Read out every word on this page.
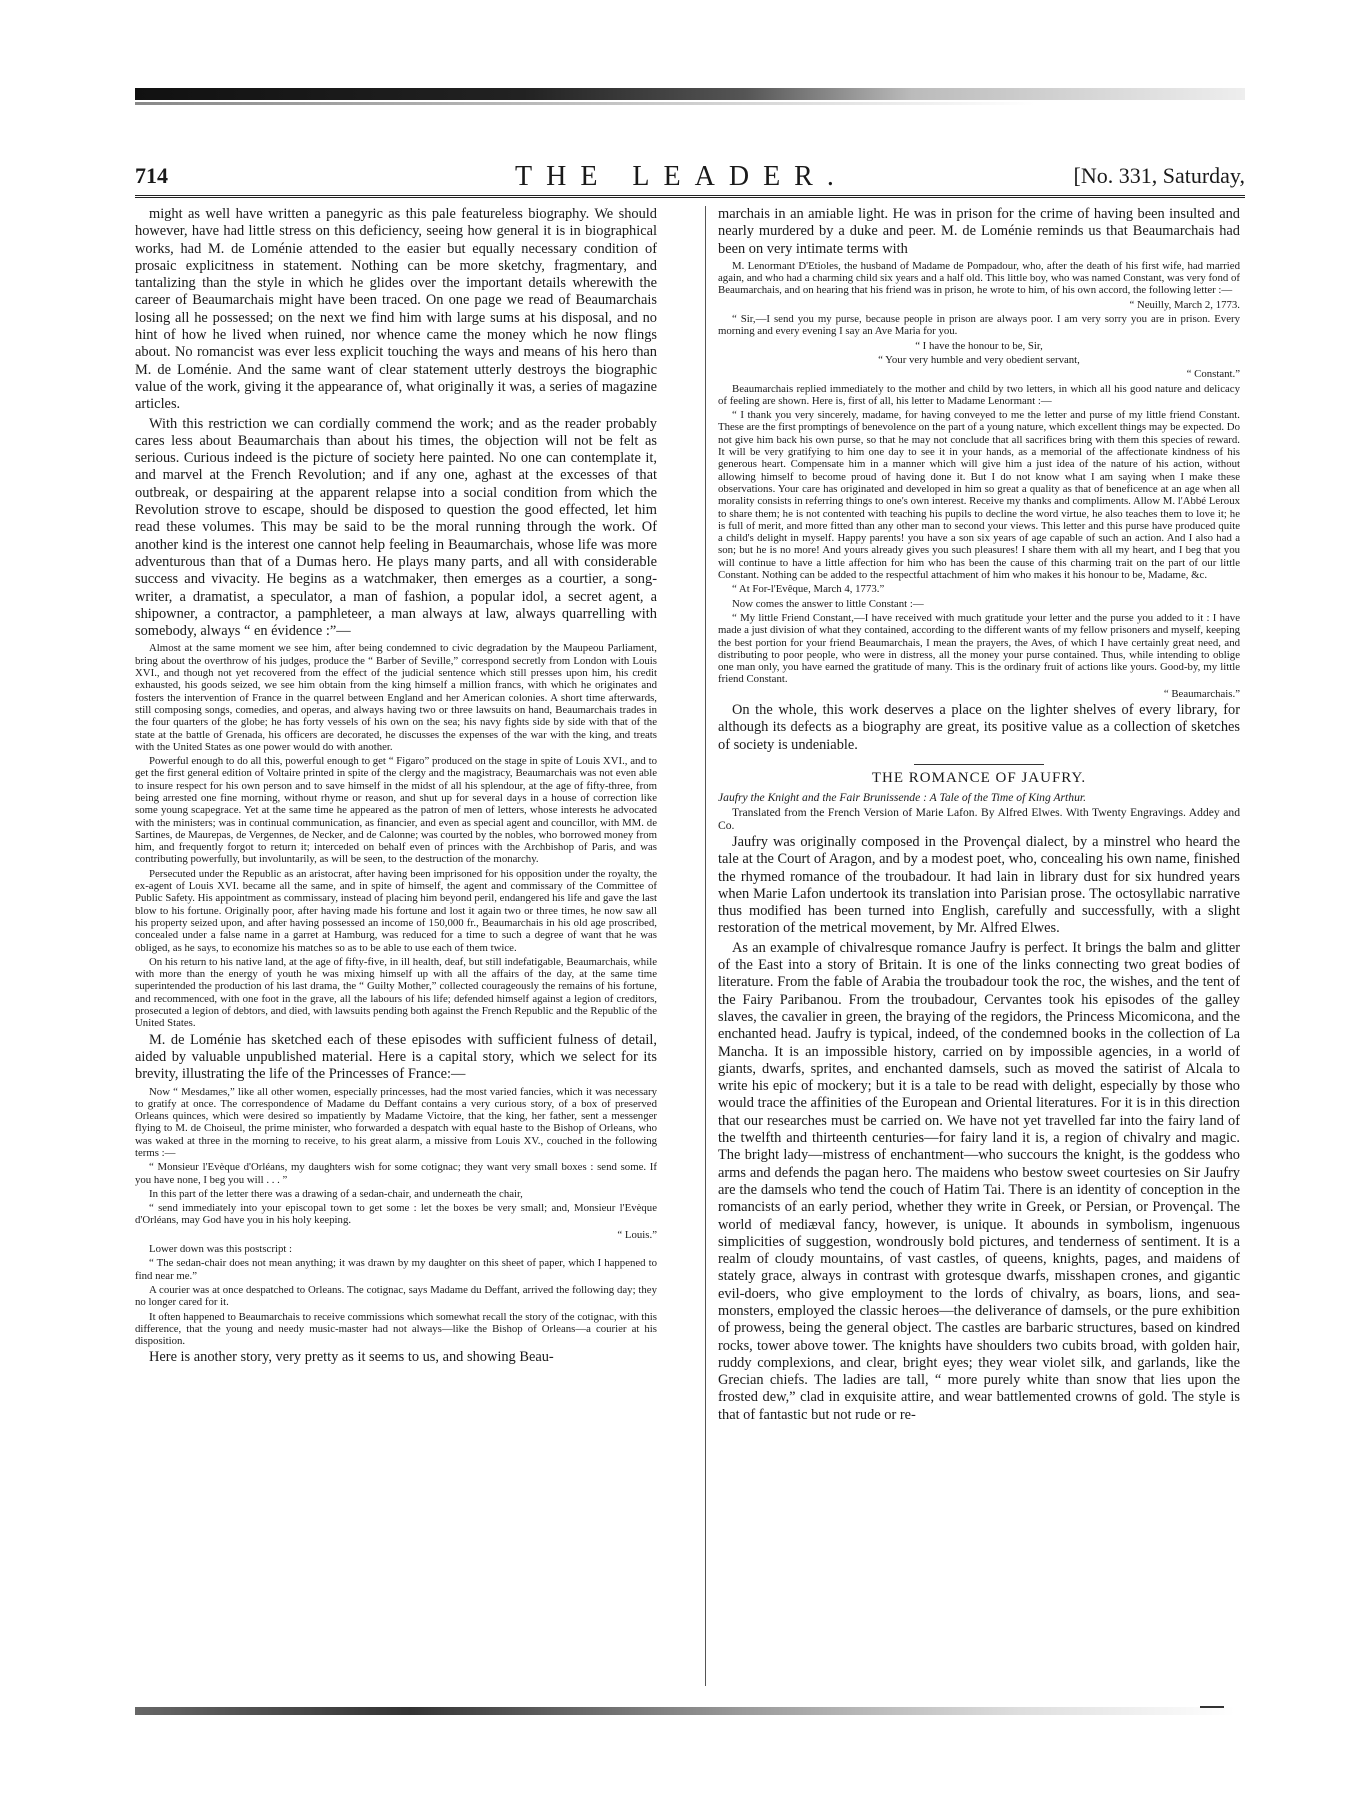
714	THE LEADER.	[No. 331, Saturday,

might as well have written a panegyric as this pale featureless biography. We should however, have had little stress on this deficiency, seeing how general it is in biographical works, had M. de Loménie attended to the easier but equally necessary condition of prosaic explicitness in statement. Nothing can be more sketchy, fragmentary, and tantalizing than the style in which he glides over the important details wherewith the career of Beaumarchais might have been traced. On one page we read of Beaumarchais losing all he possessed; on the next we find him with large sums at his disposal, and no hint of how he lived when ruined, nor whence came the money which he now flings about. No romancist was ever less explicit touching the ways and means of his hero than M. de Loménie. And the same want of clear statement utterly destroys the biographic value of the work, giving it the appearance of, what originally it was, a series of magazine articles.

With this restriction we can cordially commend the work; and as the reader probably cares less about Beaumarchais than about his times, the objection will not be felt as serious. Curious indeed is the picture of society here painted. No one can contemplate it, and marvel at the French Revolution; and if any one, aghast at the excesses of that outbreak, or despairing at the apparent relapse into a social condition from which the Revolution strove to escape, should be disposed to question the good effected, let him read these volumes. This may be said to be the moral running through the work. Of another kind is the interest one cannot help feeling in Beaumarchais, whose life was more adventurous than that of a Dumas hero. He plays many parts, and all with considerable success and vivacity. He begins as a watchmaker, then emerges as a courtier, a song-writer, a dramatist, a speculator, a man of fashion, a popular idol, a secret agent, a shipowner, a contractor, a pamphleteer, a man always at law, always quarrelling with somebody, always “ en évidence :”—

Almost at the same moment we see him, after being condemned to civic degradation by the Maupeou Parliament, bring about the overthrow of his judges, produce the “ Barber of Seville,” correspond secretly from London with Louis XVI., and though not yet recovered from the effect of the judicial sentence which still presses upon him, his credit exhausted, his goods seized, we see him obtain from the king himself a million francs, with which he originates and fosters the intervention of France in the quarrel between England and her American colonies. A short time afterwards, still composing songs, comedies, and operas, and always having two or three lawsuits on hand, Beaumarchais trades in the four quarters of the globe; he has forty vessels of his own on the sea; his navy fights side by side with that of the state at the battle of Grenada, his officers are decorated, he discusses the expenses of the war with the king, and treats with the United States as one power would do with another.

Powerful enough to do all this, powerful enough to get “ Figaro” produced on the stage in spite of Louis XVI., and to get the first general edition of Voltaire printed in spite of the clergy and the magistracy, Beaumarchais was not even able to insure respect for his own person and to save himself in the midst of all his splendour, at the age of fifty-three, from being arrested one fine morning, without rhyme or reason, and shut up for several days in a house of correction like some young scapegrace. Yet at the same time he appeared as the patron of men of letters, whose interests he advocated with the ministers; was in continual communication, as financier, and even as special agent and councillor, with MM. de Sartines, de Maurepas, de Vergennes, de Necker, and de Calonne; was courted by the nobles, who borrowed money from him, and frequently forgot to return it; interceded on behalf even of princes with the Archbishop of Paris, and was contributing powerfully, but involuntarily, as will be seen, to the destruction of the monarchy.

Persecuted under the Republic as an aristocrat, after having been imprisoned for his opposition under the royalty, the ex-agent of Louis XVI. became all the same, and in spite of himself, the agent and commissary of the Committee of Public Safety. His appointment as commissary, instead of placing him beyond peril, endangered his life and gave the last blow to his fortune. Originally poor, after having made his fortune and lost it again two or three times, he now saw all his property seized upon, and after having possessed an income of 150,000 fr., Beaumarchais in his old age proscribed, concealed under a false name in a garret at Hamburg, was reduced for a time to such a degree of want that he was obliged, as he says, to economize his matches so as to be able to use each of them twice.

On his return to his native land, at the age of fifty-five, in ill health, deaf, but still indefatigable, Beaumarchais, while with more than the energy of youth he was mixing himself up with all the affairs of the day, at the same time superintended the production of his last drama, the “ Guilty Mother,” collected courageously the remains of his fortune, and recommenced, with one foot in the grave, all the labours of his life; defended himself against a legion of creditors, prosecuted a legion of debtors, and died, with lawsuits pending both against the French Republic and the Republic of the United States.

M. de Loménie has sketched each of these episodes with sufficient fulness of detail, aided by valuable unpublished material. Here is a capital story, which we select for its brevity, illustrating the life of the Princesses of France:—

Now “ Mesdames,” like all other women, especially princesses, had the most varied fancies, which it was necessary to gratify at once. The correspondence of Madame du Deffant contains a very curious story, of a box of preserved Orleans quinces, which were desired so impatiently by Madame Victoire, that the king, her father, sent a messenger flying to M. de Choiseul, the prime minister, who forwarded a despatch with equal haste to the Bishop of Orleans, who was waked at three in the morning to receive, to his great alarm, a missive from Louis XV., couched in the following terms :—

“ Monsieur l'Evèque d'Orléans, my daughters wish for some cotignac; they want very small boxes : send some. If you have none, I beg you will . . . ”

In this part of the letter there was a drawing of a sedan-chair, and underneath the chair,

“ send immediately into your episcopal town to get some : let the boxes be very small; and, Monsieur l'Evèque d'Orléans, may God have you in his holy keeping.

“ Louis.”

Lower down was this postscript :

“ The sedan-chair does not mean anything; it was drawn by my daughter on this sheet of paper, which I happened to find near me.”

A courier was at once despatched to Orleans. The cotignac, says Madame du Deffant, arrived the following day; they no longer cared for it.

It often happened to Beaumarchais to receive commissions which somewhat recall the story of the cotignac, with this difference, that the young and needy music-master had not always—like the Bishop of Orleans—a courier at his disposition.

Here is another story, very pretty as it seems to us, and showing Beau-

marchais in an amiable light. He was in prison for the crime of having been insulted and nearly murdered by a duke and peer. M. de Loménie reminds us that Beaumarchais had been on very intimate terms with

M. Lenormant D'Etioles, the husband of Madame de Pompadour, who, after the death of his first wife, had married again, and who had a charming child six years and a half old. This little boy, who was named Constant, was very fond of Beaumarchais, and on hearing that his friend was in prison, he wrote to him, of his own accord, the following letter :—

“ Neuilly, March 2, 1773.

“ Sir,—I send you my purse, because people in prison are always poor. I am very sorry you are in prison. Every morning and every evening I say an Ave Maria for you.

“ I have the honour to be, Sir,

“ Your very humble and very obedient servant,

“ Constant.”

Beaumarchais replied immediately to the mother and child by two letters, in which all his good nature and delicacy of feeling are shown. Here is, first of all, his letter to Madame Lenormant :—

“ I thank you very sincerely, madame, for having conveyed to me the letter and purse of my little friend Constant. These are the first promptings of benevolence on the part of a young nature, which excellent things may be expected. Do not give him back his own purse, so that he may not conclude that all sacrifices bring with them this species of reward. It will be very gratifying to him one day to see it in your hands, as a memorial of the affectionate kindness of his generous heart. Compensate him in a manner which will give him a just idea of the nature of his action, without allowing himself to become proud of having done it. But I do not know what I am saying when I make these observations. Your care has originated and developed in him so great a quality as that of beneficence at an age when all morality consists in referring things to one's own interest. Receive my thanks and compliments. Allow M. l'Abbé Leroux to share them; he is not contented with teaching his pupils to decline the word virtue, he also teaches them to love it; he is full of merit, and more fitted than any other man to second your views. This letter and this purse have produced quite a child's delight in myself. Happy parents! you have a son six years of age capable of such an action. And I also had a son; but he is no more! And yours already gives you such pleasures! I share them with all my heart, and I beg that you will continue to have a little affection for him who has been the cause of this charming trait on the part of our little Constant. Nothing can be added to the respectful attachment of him who makes it his honour to be, Madame, &c.

“ At For-l'Evêque, March 4, 1773.”

Now comes the answer to little Constant :—

“ My little Friend Constant,—I have received with much gratitude your letter and the purse you added to it : I have made a just division of what they contained, according to the different wants of my fellow prisoners and myself, keeping the best portion for your friend Beaumarchais, I mean the prayers, the Aves, of which I have certainly great need, and distributing to poor people, who were in distress, all the money your purse contained. Thus, while intending to oblige one man only, you have earned the gratitude of many. This is the ordinary fruit of actions like yours. Good-by, my little friend Constant.

“ Beaumarchais.”

On the whole, this work deserves a place on the lighter shelves of every library, for although its defects as a biography are great, its positive value as a collection of sketches of society is undeniable.

THE ROMANCE OF JAUFRY.

Jaufry the Knight and the Fair Brunissende : A Tale of the Time of King Arthur.

Translated from the French Version of Marie Lafon. By Alfred Elwes. With Twenty Engravings. Addey and Co.

Jaufry was originally composed in the Provençal dialect, by a minstrel who heard the tale at the Court of Aragon, and by a modest poet, who, concealing his own name, finished the rhymed romance of the troubadour. It had lain in library dust for six hundred years when Marie Lafon undertook its translation into Parisian prose. The octosyllabic narrative thus modified has been turned into English, carefully and successfully, with a slight restoration of the metrical movement, by Mr. Alfred Elwes.

As an example of chivalresque romance Jaufry is perfect. It brings the balm and glitter of the East into a story of Britain. It is one of the links connecting two great bodies of literature. From the fable of Arabia the troubadour took the roc, the wishes, and the tent of the Fairy Paribanou. From the troubadour, Cervantes took his episodes of the galley slaves, the cavalier in green, the braying of the regidors, the Princess Micomicona, and the enchanted head. Jaufry is typical, indeed, of the condemned books in the collection of La Mancha. It is an impossible history, carried on by impossible agencies, in a world of giants, dwarfs, sprites, and enchanted damsels, such as moved the satirist of Alcala to write his epic of mockery; but it is a tale to be read with delight, especially by those who would trace the affinities of the European and Oriental literatures. For it is in this direction that our researches must be carried on. We have not yet travelled far into the fairy land of the twelfth and thirteenth centuries—for fairy land it is, a region of chivalry and magic. The bright lady—mistress of enchantment—who succours the knight, is the goddess who arms and defends the pagan hero. The maidens who bestow sweet courtesies on Sir Jaufry are the damsels who tend the couch of Hatim Tai. There is an identity of conception in the romancists of an early period, whether they write in Greek, or Persian, or Provençal. The world of mediæval fancy, however, is unique. It abounds in symbolism, ingenuous simplicities of suggestion, wondrously bold pictures, and tenderness of sentiment. It is a realm of cloudy mountains, of vast castles, of queens, knights, pages, and maidens of stately grace, always in contrast with grotesque dwarfs, misshapen crones, and gigantic evil-doers, who give employment to the lords of chivalry, as boars, lions, and sea-monsters, employed the classic heroes—the deliverance of damsels, or the pure exhibition of prowess, being the general object. The castles are barbaric structures, based on kindred rocks, tower above tower. The knights have shoulders two cubits broad, with golden hair, ruddy complexions, and clear, bright eyes; they wear violet silk, and garlands, like the Grecian chiefs. The ladies are tall, “ more purely white than snow that lies upon the frosted dew,” clad in exquisite attire, and wear battlemented crowns of gold. The style is that of fantastic but not rude or re-
